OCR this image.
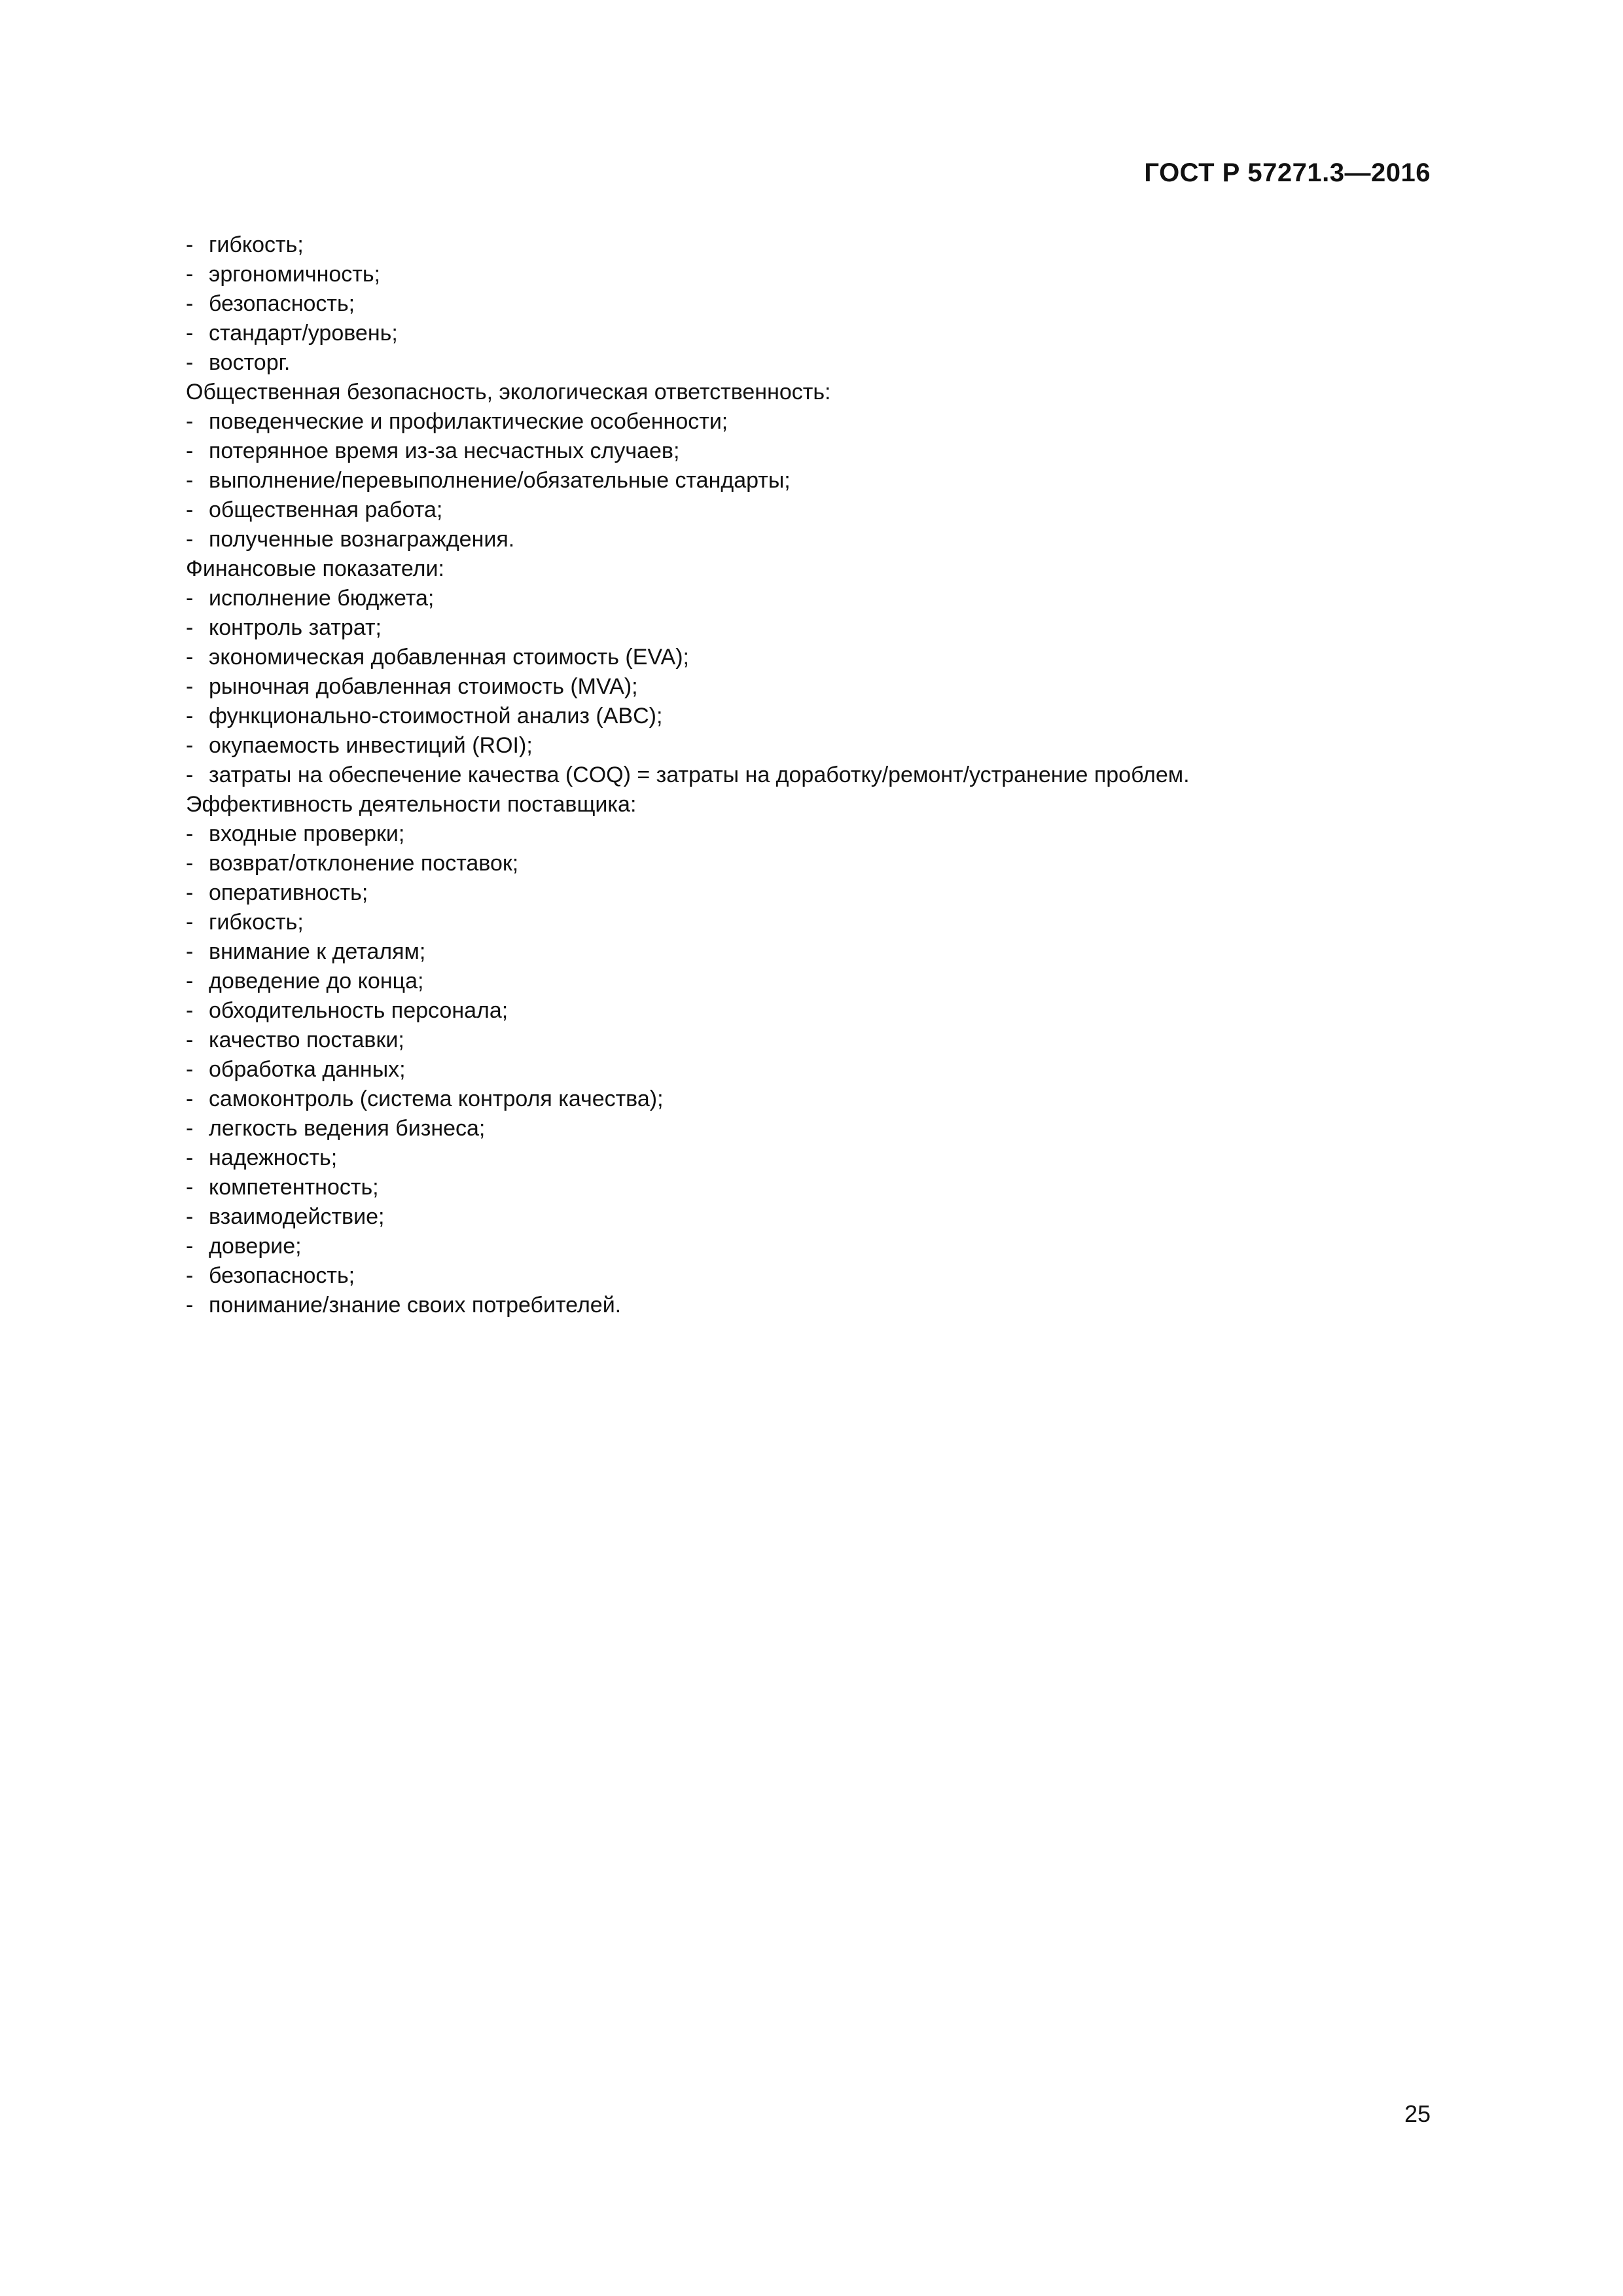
ГОСТ Р 57271.3—2016
- гибкость;
- эргономичность;
- безопасность;
- стандарт/уровень;
- восторг.
Общественная безопасность, экологическая ответственность:
- поведенческие и профилактические особенности;
- потерянное время из-за несчастных случаев;
- выполнение/перевыполнение/обязательные стандарты;
- общественная работа;
- полученные вознаграждения.
Финансовые показатели:
- исполнение бюджета;
- контроль затрат;
- экономическая добавленная стоимость (EVA);
- рыночная добавленная стоимость (MVA);
- функционально-стоимостной анализ (ABC);
- окупаемость инвестиций (ROI);
- затраты на обеспечение качества (COQ) = затраты на доработку/ремонт/устранение проблем.
Эффективность деятельности поставщика:
- входные проверки;
- возврат/отклонение поставок;
- оперативность;
- гибкость;
- внимание к деталям;
- доведение до конца;
- обходительность персонала;
- качество поставки;
- обработка данных;
- самоконтроль (система контроля качества);
- легкость ведения бизнеса;
- надежность;
- компетентность;
- взаимодействие;
- доверие;
- безопасность;
- понимание/знание своих потребителей.
25
